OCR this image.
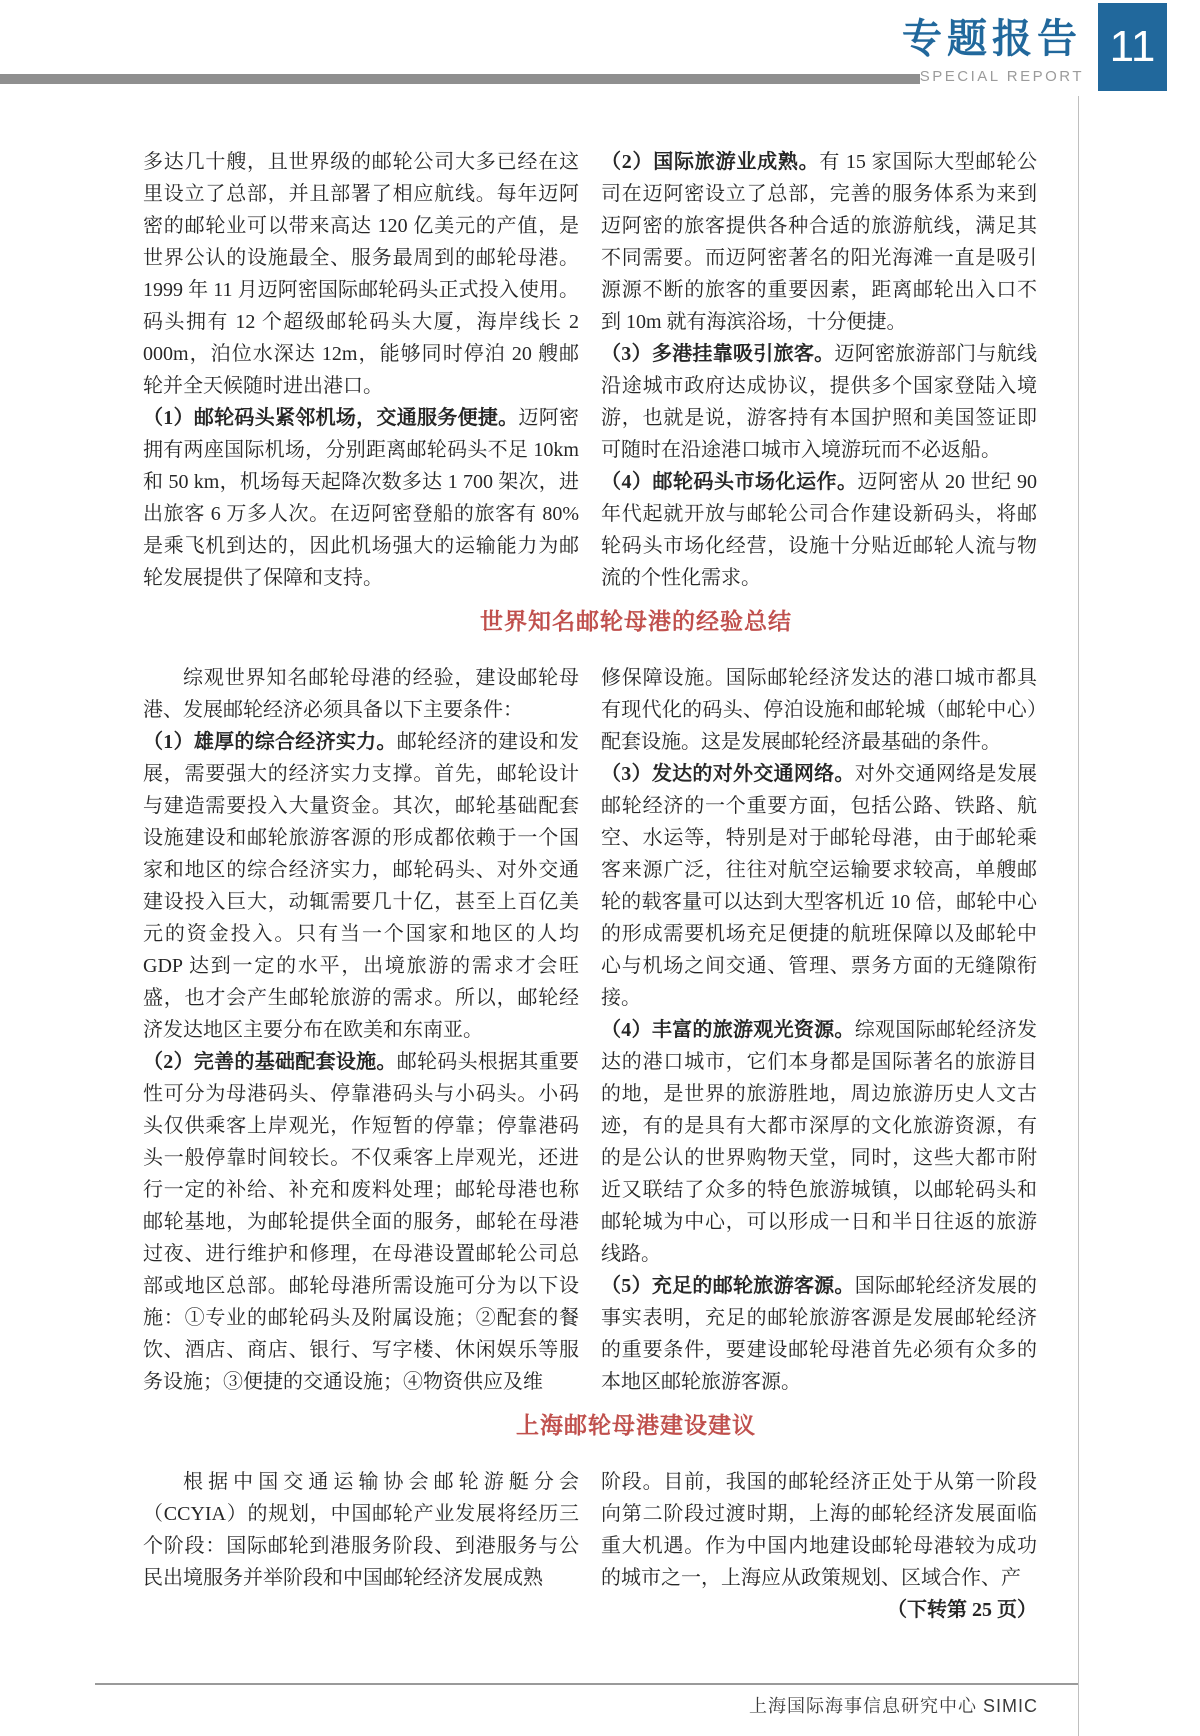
专题报告
SPECIAL REPORT
11

多达几十艘，且世界级的邮轮公司大多已经在这里设立了总部，并且部署了相应航线。每年迈阿密的邮轮业可以带来高达 120 亿美元的产值，是世界公认的设施最全、服务最周到的邮轮母港。1999 年 11 月迈阿密国际邮轮码头正式投入使用。码头拥有 12 个超级邮轮码头大厦，海岸线长 2 000m，泊位水深达 12m，能够同时停泊 20 艘邮轮并全天候随时进出港口。

（1）邮轮码头紧邻机场，交通服务便捷。迈阿密拥有两座国际机场，分别距离邮轮码头不足 10km 和 50 km，机场每天起降次数多达 1 700 架次，进出旅客 6 万多人次。在迈阿密登船的旅客有 80%是乘飞机到达的，因此机场强大的运输能力为邮轮发展提供了保障和支持。

（2）国际旅游业成熟。有 15 家国际大型邮轮公司在迈阿密设立了总部，完善的服务体系为来到迈阿密的旅客提供各种合适的旅游航线，满足其不同需要。而迈阿密著名的阳光海滩一直是吸引源源不断的旅客的重要因素，距离邮轮出入口不到 10m 就有海滨浴场，十分便捷。

（3）多港挂靠吸引旅客。迈阿密旅游部门与航线沿途城市政府达成协议，提供多个国家登陆入境游，也就是说，游客持有本国护照和美国签证即可随时在沿途港口城市入境游玩而不必返船。

（4）邮轮码头市场化运作。迈阿密从 20 世纪 90 年代起就开放与邮轮公司合作建设新码头，将邮轮码头市场化经营，设施十分贴近邮轮人流与物流的个性化需求。

世界知名邮轮母港的经验总结

综观世界知名邮轮母港的经验，建设邮轮母港、发展邮轮经济必须具备以下主要条件：

（1）雄厚的综合经济实力。邮轮经济的建设和发展，需要强大的经济实力支撑。首先，邮轮设计与建造需要投入大量资金。其次，邮轮基础配套设施建设和邮轮旅游客源的形成都依赖于一个国家和地区的综合经济实力，邮轮码头、对外交通建设投入巨大，动辄需要几十亿，甚至上百亿美元的资金投入。只有当一个国家和地区的人均 GDP 达到一定的水平，出境旅游的需求才会旺盛，也才会产生邮轮旅游的需求。所以，邮轮经济发达地区主要分布在欧美和东南亚。

（2）完善的基础配套设施。邮轮码头根据其重要性可分为母港码头、停靠港码头与小码头。小码头仅供乘客上岸观光，作短暂的停靠；停靠港码头一般停靠时间较长。不仅乘客上岸观光，还进行一定的补给、补充和废料处理；邮轮母港也称邮轮基地，为邮轮提供全面的服务，邮轮在母港过夜、进行维护和修理，在母港设置邮轮公司总部或地区总部。邮轮母港所需设施可分为以下设施：①专业的邮轮码头及附属设施；②配套的餐饮、酒店、商店、银行、写字楼、休闲娱乐等服务设施；③便捷的交通设施；④物资供应及维

修保障设施。国际邮轮经济发达的港口城市都具有现代化的码头、停泊设施和邮轮城（邮轮中心）配套设施。这是发展邮轮经济最基础的条件。

（3）发达的对外交通网络。对外交通网络是发展邮轮经济的一个重要方面，包括公路、铁路、航空、水运等，特别是对于邮轮母港，由于邮轮乘客来源广泛，往往对航空运输要求较高，单艘邮轮的载客量可以达到大型客机近 10 倍，邮轮中心的形成需要机场充足便捷的航班保障以及邮轮中心与机场之间交通、管理、票务方面的无缝隙衔接。

（4）丰富的旅游观光资源。综观国际邮轮经济发达的港口城市，它们本身都是国际著名的旅游目的地，是世界的旅游胜地，周边旅游历史人文古迹，有的是具有大都市深厚的文化旅游资源，有的是公认的世界购物天堂，同时，这些大都市附近又联结了众多的特色旅游城镇，以邮轮码头和邮轮城为中心，可以形成一日和半日往返的旅游线路。

（5）充足的邮轮旅游客源。国际邮轮经济发展的事实表明，充足的邮轮旅游客源是发展邮轮经济的重要条件，要建设邮轮母港首先必须有众多的本地区邮轮旅游客源。

上海邮轮母港建设建议

根据中国交通运输协会邮轮游艇分会（CCYIA）的规划，中国邮轮产业发展将经历三个阶段：国际邮轮到港服务阶段、到港服务与公民出境服务并举阶段和中国邮轮经济发展成熟

阶段。目前，我国的邮轮经济正处于从第一阶段向第二阶段过渡时期，上海的邮轮经济发展面临重大机遇。作为中国内地建设邮轮母港较为成功的城市之一，上海应从政策规划、区域合作、产

（下转第 25 页）

上海国际海事信息研究中心 SIMIC
